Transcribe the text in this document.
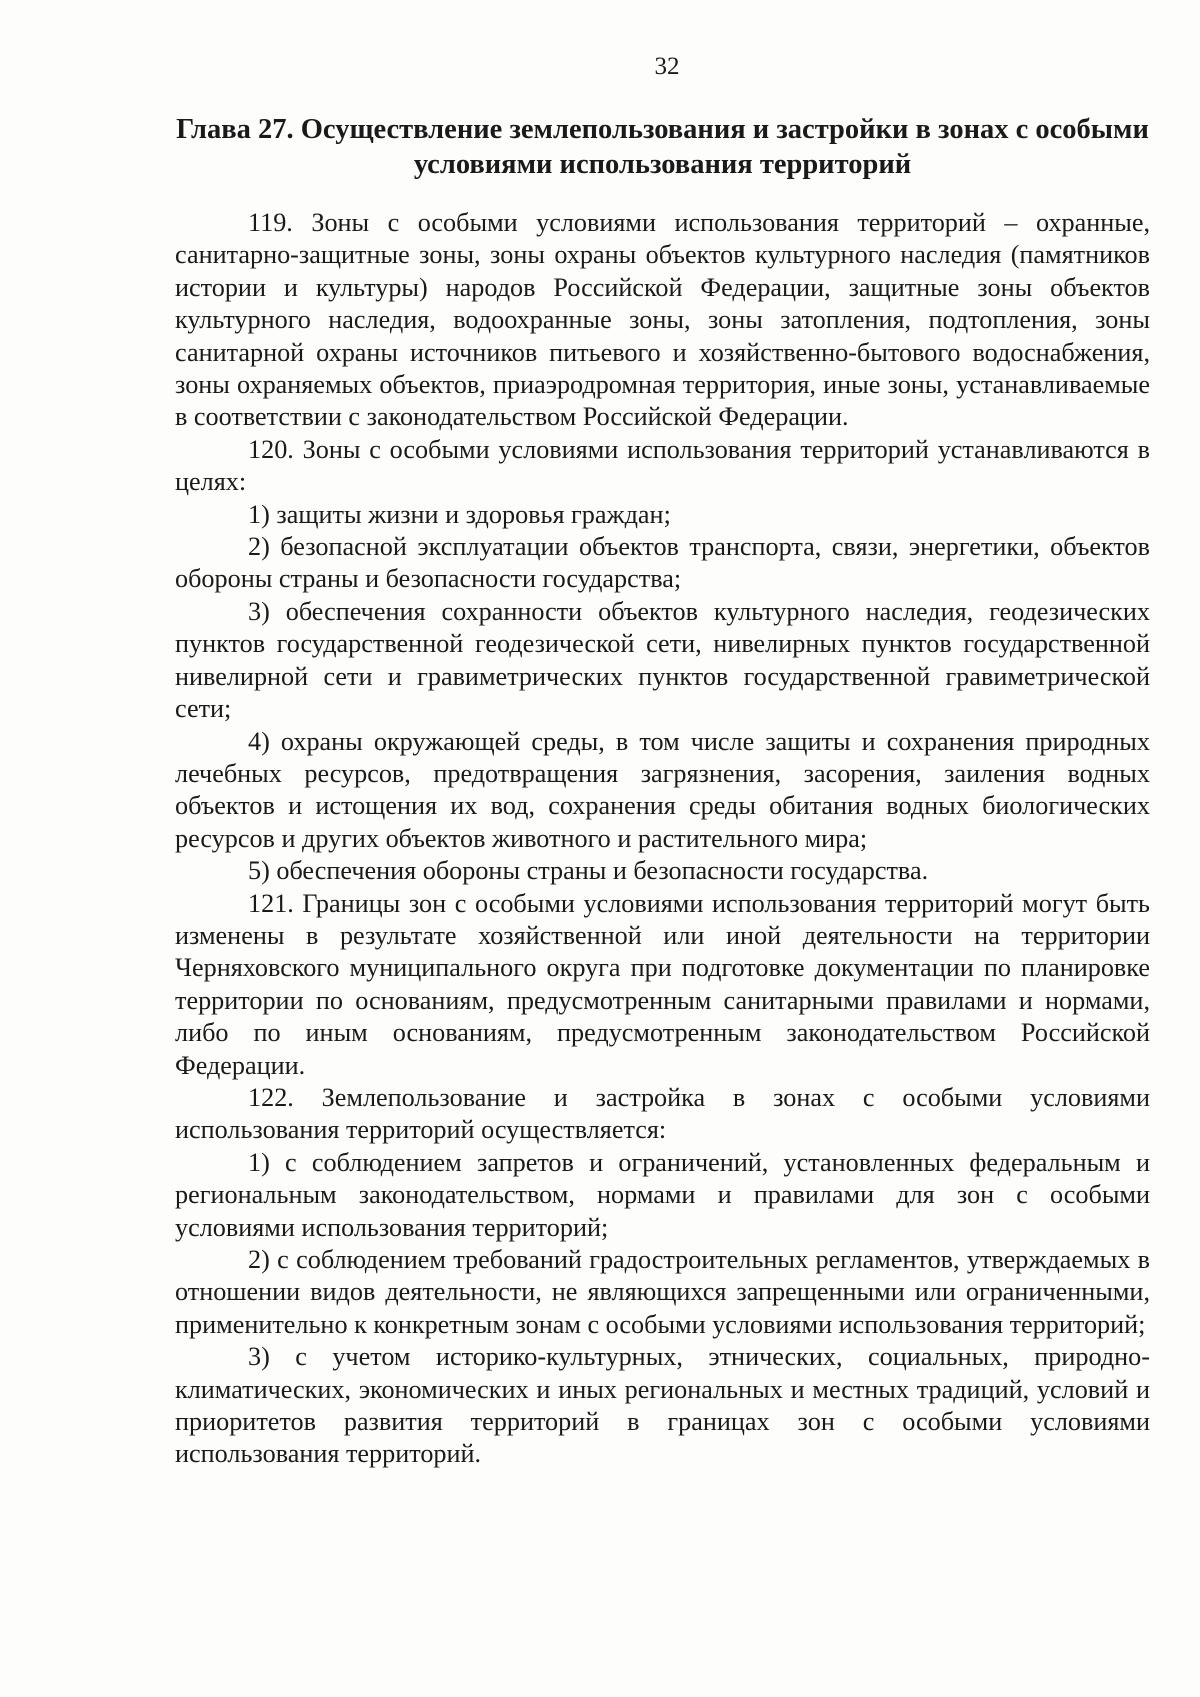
32
Глава 27. Осуществление землепользования и застройки в зонах с особыми условиями использования территорий

119. Зоны с особыми условиями использования территорий – охранные, санитарно-защитные зоны, зоны охраны объектов культурного наследия (памятников истории и культуры) народов Российской Федерации, защитные зоны объектов культурного наследия, водоохранные зоны, зоны затопления, подтопления, зоны санитарной охраны источников питьевого и хозяйственно-бытового водоснабжения, зоны охраняемых объектов, приаэродромная территория, иные зоны, устанавливаемые в соответствии с законодательством Российской Федерации.

120. Зоны с особыми условиями использования территорий устанавливаются в целях:

1) защиты жизни и здоровья граждан;

2) безопасной эксплуатации объектов транспорта, связи, энергетики, объектов обороны страны и безопасности государства;

3) обеспечения сохранности объектов культурного наследия, геодезических пунктов государственной геодезической сети, нивелирных пунктов государственной нивелирной сети и гравиметрических пунктов государственной гравиметрической сети;

4) охраны окружающей среды, в том числе защиты и сохранения природных лечебных ресурсов, предотвращения загрязнения, засорения, заиления водных объектов и истощения их вод, сохранения среды обитания водных биологических ресурсов и других объектов животного и растительного мира;

5) обеспечения обороны страны и безопасности государства.

121. Границы зон с особыми условиями использования территорий могут быть изменены в результате хозяйственной или иной деятельности на территории Черняховского муниципального округа при подготовке документации по планировке территории по основаниям, предусмотренным санитарными правилами и нормами, либо по иным основаниям, предусмотренным законодательством Российской Федерации.

122. Землепользование и застройка в зонах с особыми условиями использования территорий осуществляется:

1) с соблюдением запретов и ограничений, установленных федеральным и региональным законодательством, нормами и правилами для зон с особыми условиями использования территорий;

2) с соблюдением требований градостроительных регламентов, утверждаемых в отношении видов деятельности, не являющихся запрещенными или ограниченными, применительно к конкретным зонам с особыми условиями использования территорий;

3) с учетом историко-культурных, этнических, социальных, природно-климатических, экономических и иных региональных и местных традиций, условий и приоритетов развития территорий в границах зон с особыми условиями использования территорий.
